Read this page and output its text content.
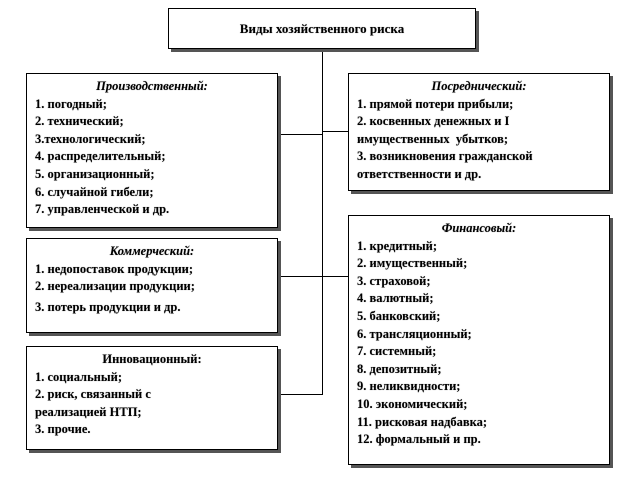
Виды хозяйственного риска
Производственный:
1. погодный;
2. технический;
3.технологический;
4. распределительный;
5. организационный;
6. случайной гибели;
7. управленческой и др.
Коммерческий:
1. недопоставок продукции;
2. нереализации продукции;
3. потерь продукции и др.
Инновационный:
1. социальный;
2. риск, связанный с
реализацией НТП;
3. прочие.
Посреднический:
1. прямой потери прибыли;
2. косвенных денежных и I
имущественных  убытков;
3. возникновения гражданской
ответственности и др.
Финансовый:
1. кредитный;
2. имущественный;
3. страховой;
4. валютный;
5. банковский;
6. трансляционный;
7. системный;
8. депозитный;
9. неликвидности;
10. экономический;
11. рисковая надбавка;
12. формальный и пр.
